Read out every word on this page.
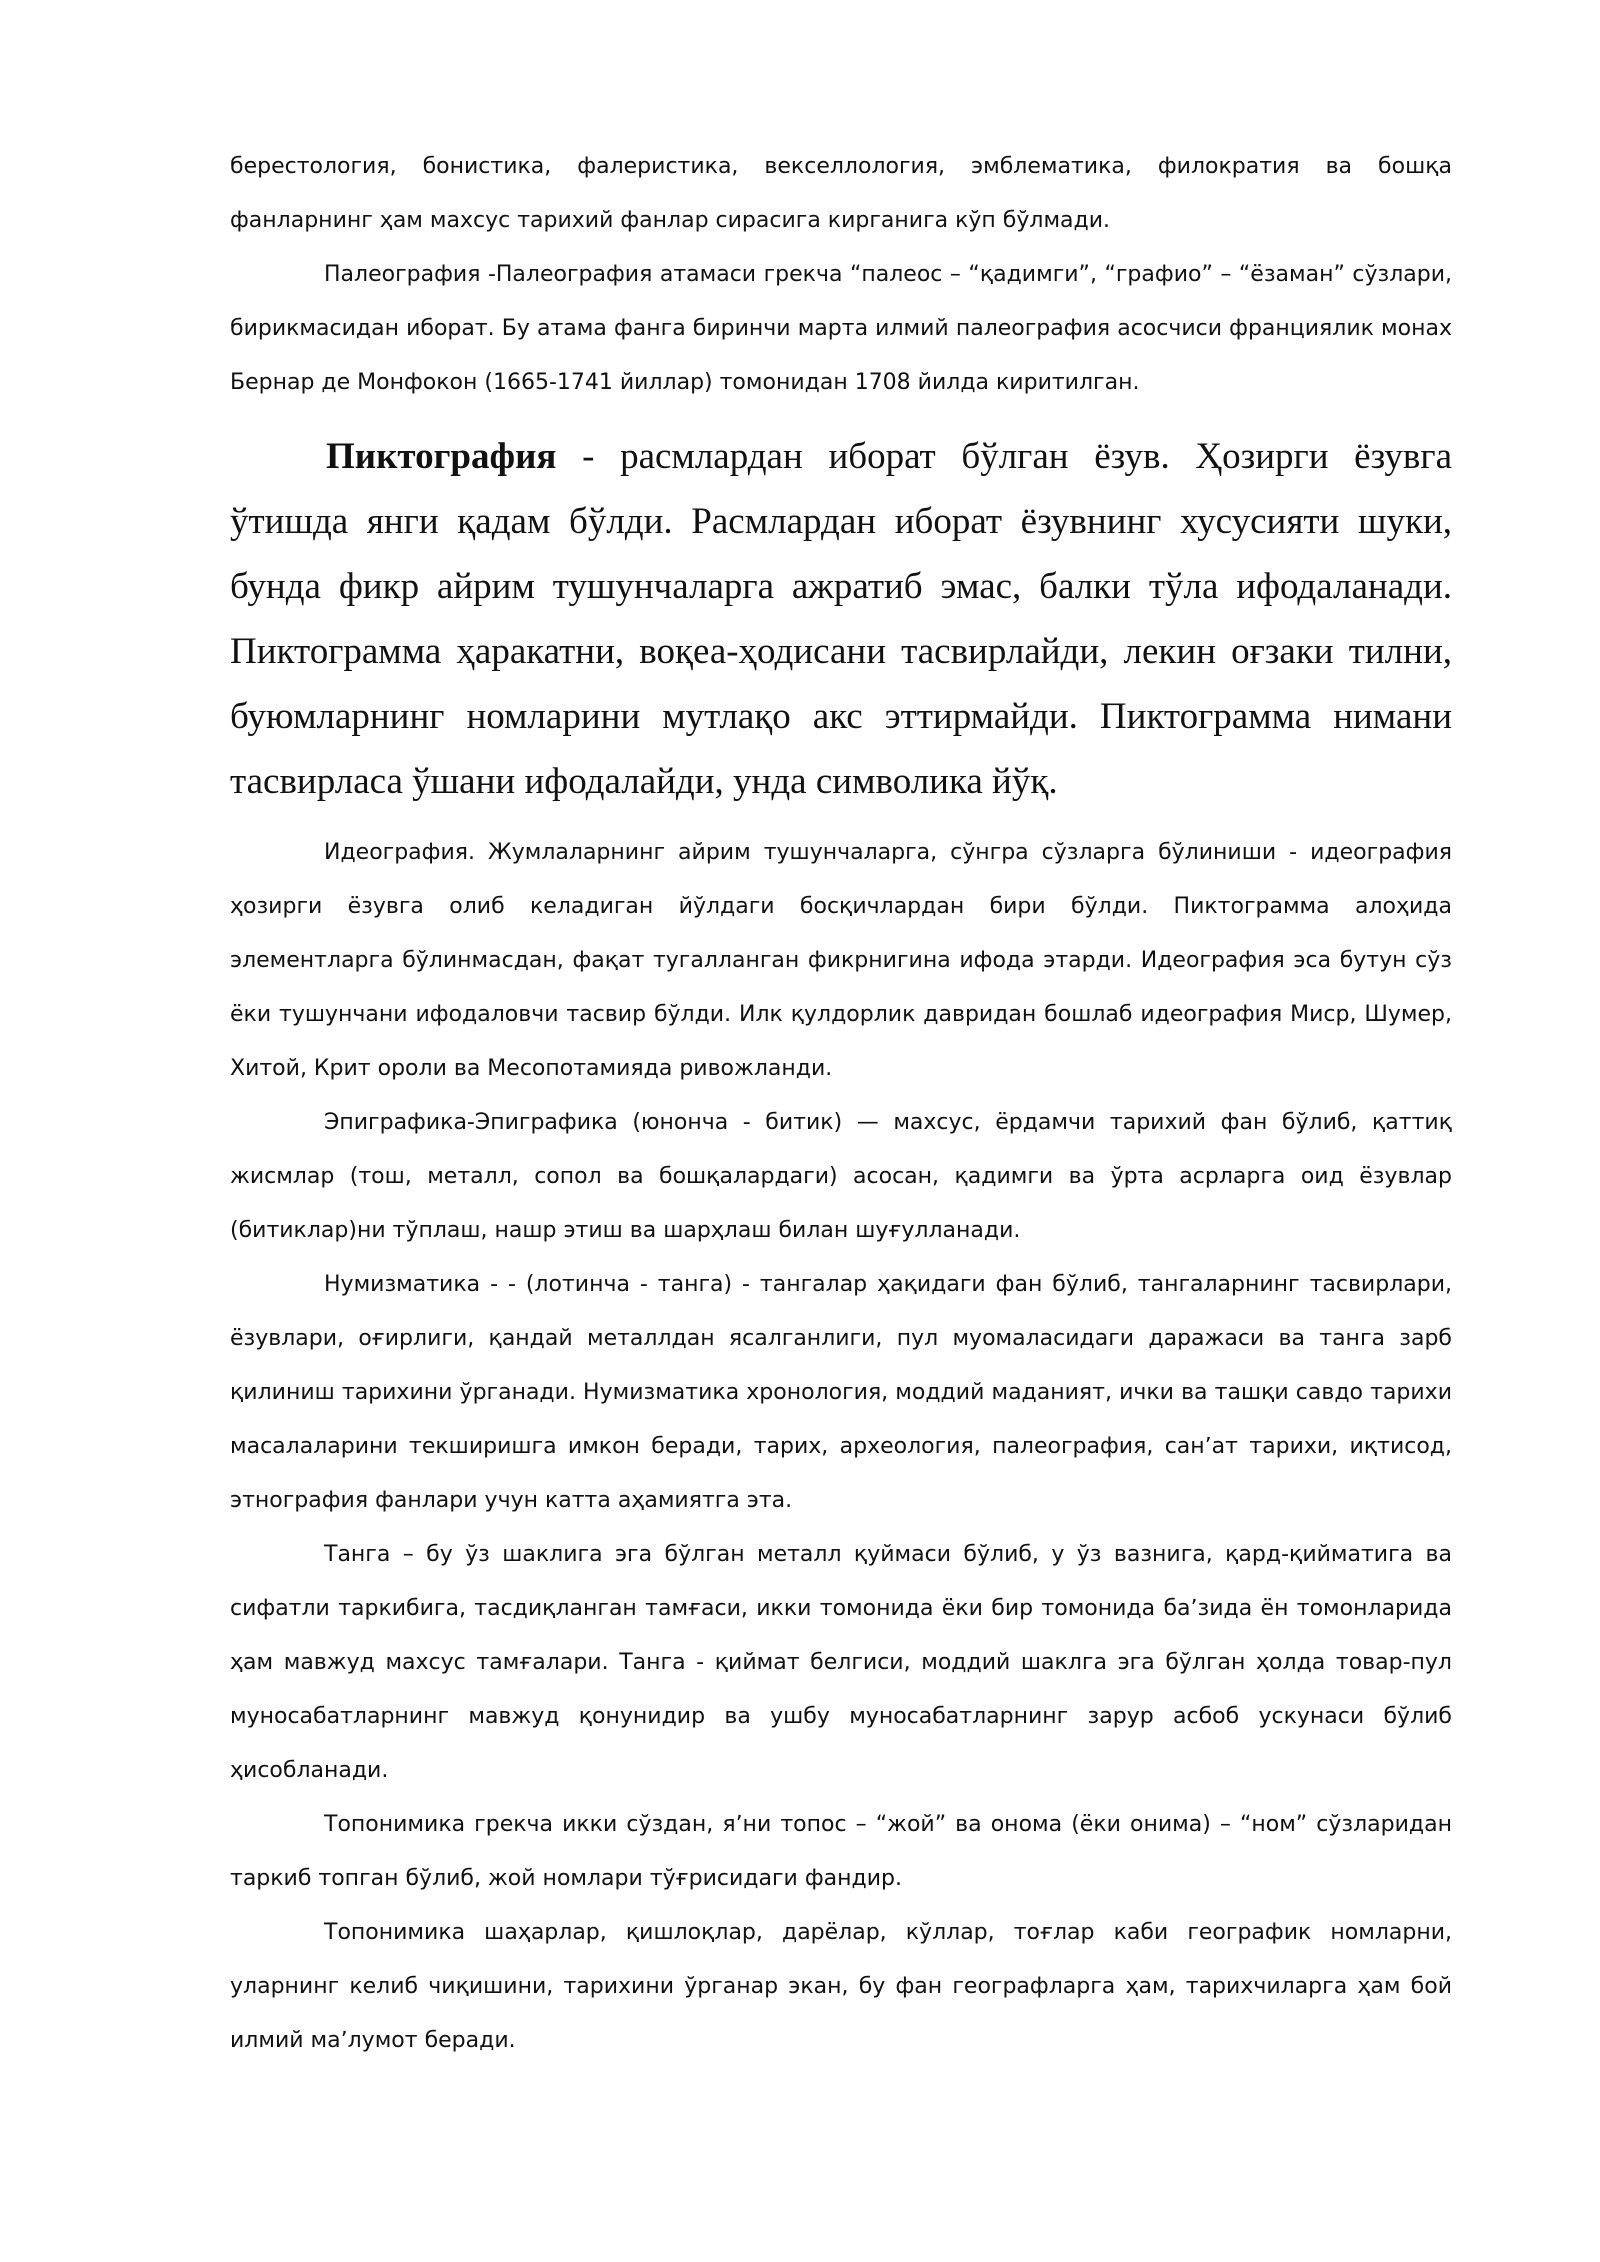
берестология, бонистика, фалеристика, векселлология, эмблематика, филократия ва бошқа фанларнинг ҳам махсус тарихий фанлар сирасига кирганига кўп бўлмади.

Палеография -Палеография атамаси грекча “палеос – “қадимги”, “графио” – “ёзаман” сўзлари, бирикмасидан иборат. Бу атама фанга биринчи марта илмий палеография асосчиси франциялик монах Бернар де Монфокон (1665-1741 йиллар) томонидан 1708 йилда киритилган.

Пиктография - расмлардан иборат бўлган ёзув. Ҳозирги ёзувга ўтишда янги қадам бўлди. Расмлардан иборат ёзувнинг хусусияти шуки, бунда фикр айрим тушунчаларга ажратиб эмас, балки тўла ифодаланади. Пиктограмма ҳаракатни, воқеа-ҳодисани тасвирлайди, лекин оғзаки тилни, буюмларнинг номларини мутлақо акс эттирмайди. Пиктограмма нимани тасвирласа ўшани ифодалайди, унда символика йўқ.

Идеография. Жумлаларнинг айрим тушунчаларга, сўнгра сўзларга бўлиниши - идеография ҳозирги ёзувга олиб келадиган йўлдаги босқичлардан бири бўлди. Пиктограмма алоҳида элементларга бўлинмасдан, фақат тугалланган фикрнигина ифода этарди. Идеография эса бутун сўз ёки тушунчани ифодаловчи тасвир бўлди. Илк қулдорлик давридан бошлаб идеография Миср, Шумер, Хитой, Крит ороли ва Месопотамияда ривожланди.

Эпиграфика-Эпиграфика (юнонча - битик) — махсус, ёрдамчи тарихий фан бўлиб, қаттиқ жисмлар (тош, металл, сопол ва бошқалардаги) асосан, қадимги ва ўрта асрларга оид ёзувлар (битиклар)ни тўплаш, нашр этиш ва шарҳлаш билан шуғулланади.

Нумизматика - - (лотинча - танга) - тангалар ҳақидаги фан бўлиб, тангаларнинг тасвирлари, ёзувлари, оғирлиги, қандай металлдан ясалганлиги, пул муомаласидаги даражаси ва танга зарб қилиниш тарихини ўрганади. Нумизматика хронология, моддий маданият, ички ва ташқи савдо тарихи масалаларини текширишга имкон беради, тарих, археология, палеография, санʼат тарихи, иқтисод, этнография фанлари учун катта аҳамиятга эта.

Танга – бу ўз шаклига эга бўлган металл қуймаси бўлиб, у ўз вазнига, қард-қийматига ва сифатли таркибига, тасдиқланган тамғаси, икки томонида ёки бир томонида баʼзида ён томонларида ҳам мавжуд махсус тамғалари. Танга - қиймат белгиси, моддий шаклга эга бўлган ҳолда товар-пул муносабатларнинг мавжуд қонунидир ва ушбу муносабатларнинг зарур асбоб ускунаси бўлиб ҳисобланади.

Топонимика грекча икки сўздан, яʼни топос – “жой” ва онома (ёки онима) – “ном” сўзларидан таркиб топган бўлиб, жой номлари тўғрисидаги фандир.

Топонимика шаҳарлар, қишлоқлар, дарёлар, кўллар, тоғлар каби географик номларни, уларнинг келиб чиқишини, тарихини ўрганар экан, бу фан географларга ҳам, тарихчиларга ҳам бой илмий маʼлумот беради.
